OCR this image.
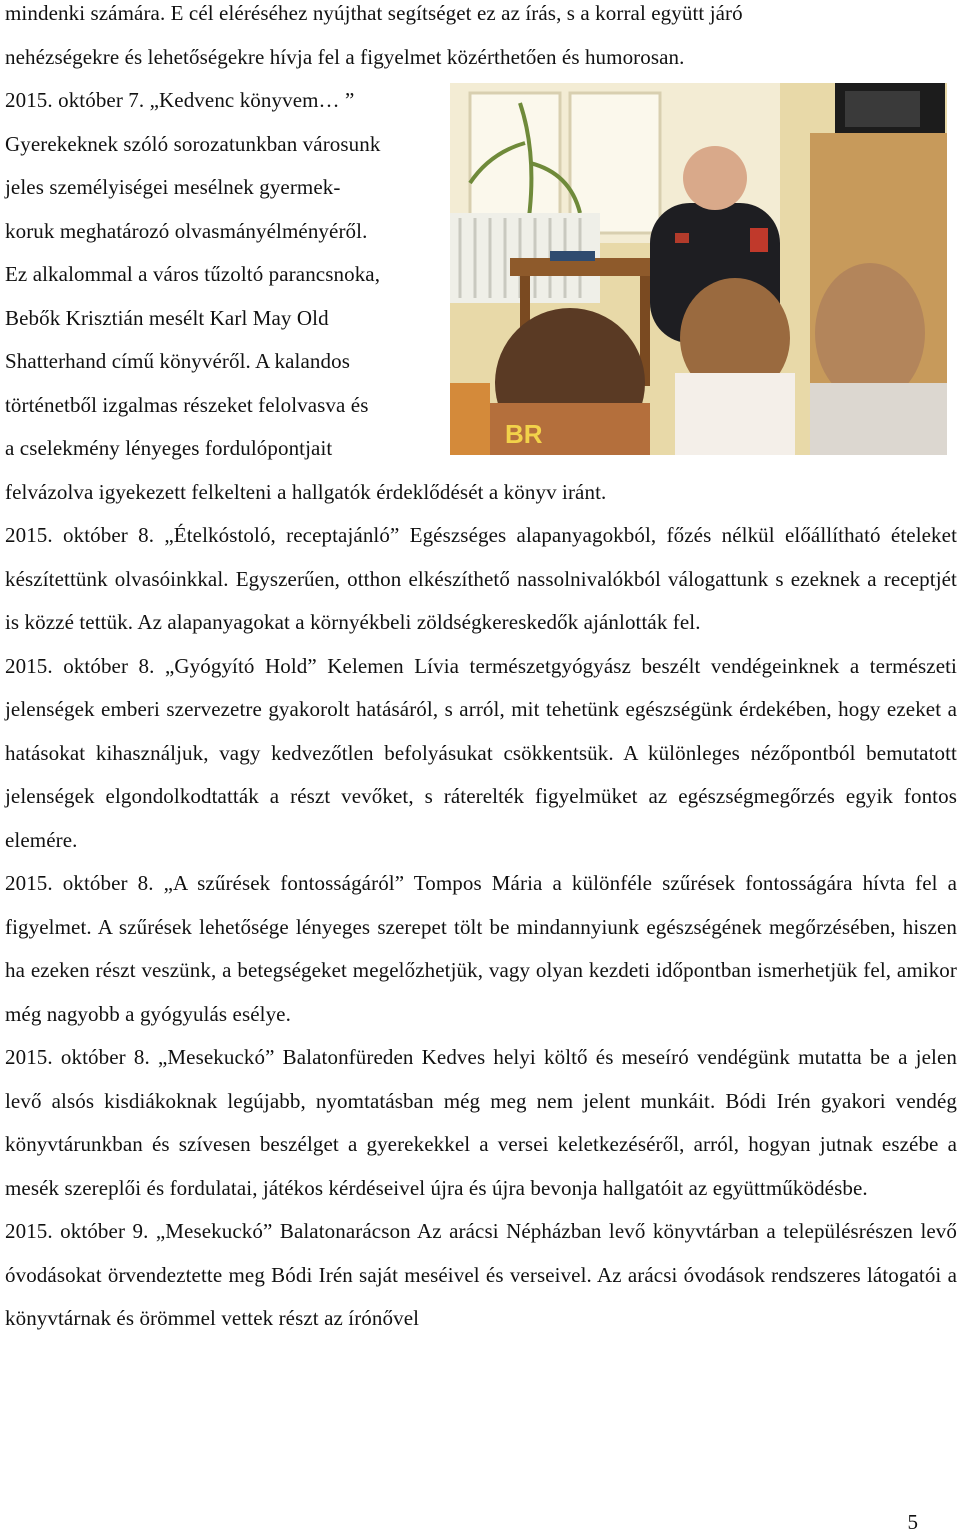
mindenki számára. E cél eléréséhez nyújthat segítséget ez az írás, s a korral együtt járó
nehézségekre és lehetőségekre hívja fel a figyelmet közérthetően és humorosan.

2015. október 7. „Kedvenc könyvem… ”
Gyerekeknek szóló sorozatunkban városunk
jeles személyiségei mesélnek gyermek-
koruk meghatározó olvasmányélményéről.
Ez alkalommal a város tűzoltó parancsnoka,
Bebők Krisztián mesélt Karl May Old
Shatterhand című könyvéről. A kalandos
történetből izgalmas részeket felolvasva és
a cselekmény lényeges fordulópontjait

felvázolva igyekezett felkelteni a hallgatók érdeklődését a könyv iránt.

2015. október 8. „Ételkóstoló, receptajánló” Egészséges alapanyagokból, főzés nélkül előállítható ételeket készítettünk olvasóinkkal. Egyszerűen, otthon elkészíthető nassolnivalókból válogattunk s ezeknek a receptjét is közzé tettük. Az alapanyagokat a környékbeli zöldségkereskedők ajánlották fel.

2015. október 8. „Gyógyító Hold” Kelemen Lívia természetgyógyász beszélt vendégeinknek a természeti jelenségek emberi szervezetre gyakorolt hatásáról, s arról, mit tehetünk egészségünk érdekében, hogy ezeket a hatásokat kihasználjuk, vagy kedvezőtlen befolyásukat csökkentsük. A különleges nézőpontból bemutatott jelenségek elgondolkodtatták a részt vevőket, s ráterelték figyelmüket az egészségmegőrzés egyik fontos elemére.

2015. október 8. „A szűrések fontosságáról” Tompos Mária a különféle szűrések fontosságára hívta fel a figyelmet. A szűrések lehetősége lényeges szerepet tölt be mindannyiunk egészségének megőrzésében, hiszen ha ezeken részt veszünk, a betegségeket megelőzhetjük, vagy olyan kezdeti időpontban ismerhetjük fel, amikor még nagyobb a gyógyulás esélye.

2015. október 8. „Mesekuckó” Balatonfüreden Kedves helyi költő és meseíró vendégünk mutatta be a jelen levő alsós kisdiákoknak legújabb, nyomtatásban még meg nem jelent munkáit. Bódi Irén gyakori vendég könyvtárunkban és szívesen beszélget a gyerekekkel a versei keletkezéséről, arról, hogyan jutnak eszébe a mesék szereplői és fordulatai, játékos kérdéseivel újra és újra bevonja hallgatóit az együttműködésbe.

2015. október 9. „Mesekuckó” Balatonarácson Az arácsi Népházban levő könyvtárban a településrészen levő óvodásokat örvendeztette meg Bódi Irén saját meséivel és verseivel. Az arácsi óvodások rendszeres látogatói a könyvtárnak és örömmel vettek részt az írónővel

BR
5
